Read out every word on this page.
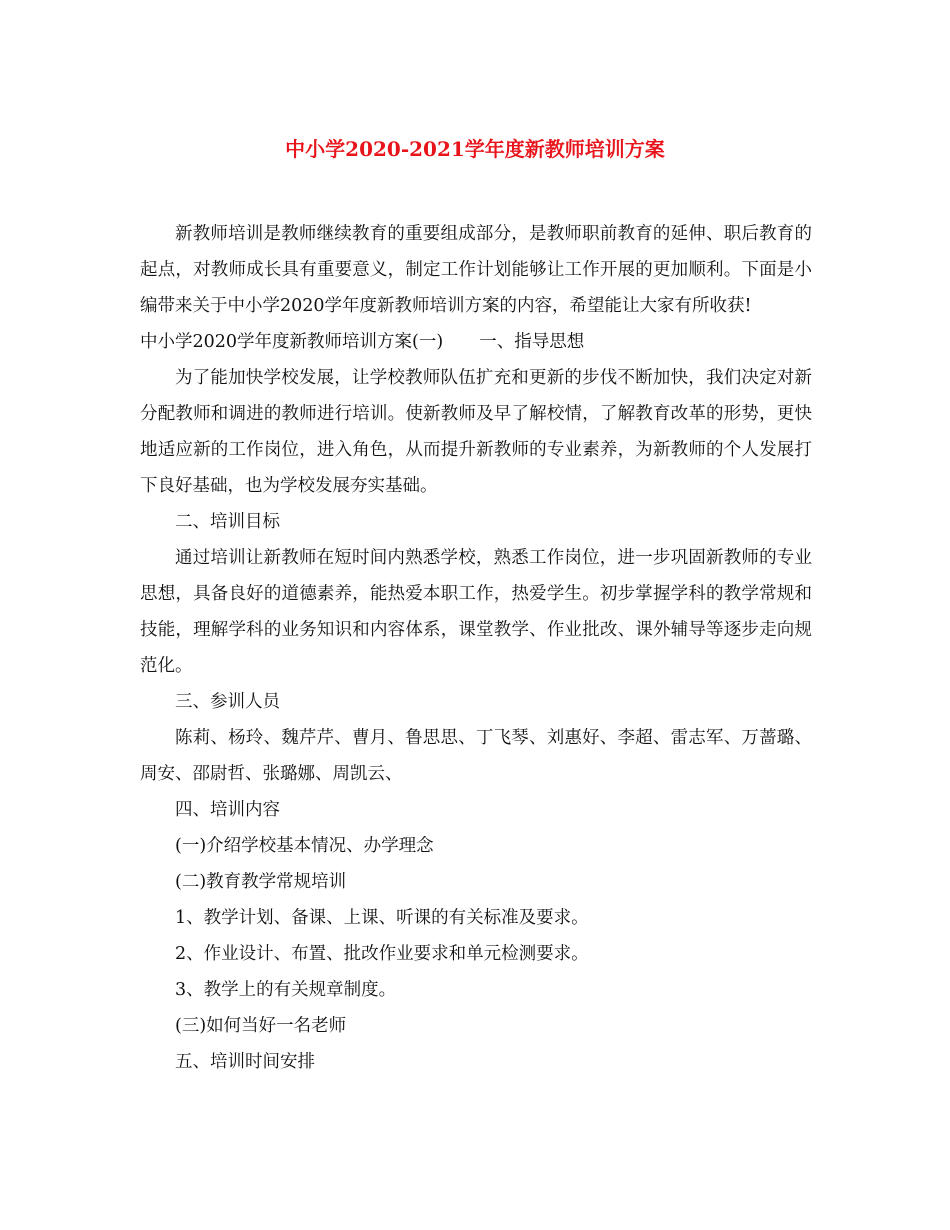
中小学2020-2021学年度新教师培训方案

新教师培训是教师继续教育的重要组成部分，是教师职前教育的延伸、职后教育的起点，对教师成长具有重要意义，制定工作计划能够让工作开展的更加顺利。下面是小编带来关于中小学2020学年度新教师培训方案的内容，希望能让大家有所收获!

中小学2020学年度新教师培训方案(一) 一、指导思想

为了能加快学校发展，让学校教师队伍扩充和更新的步伐不断加快，我们决定对新分配教师和调进的教师进行培训。使新教师及早了解校情，了解教育改革的形势，更快地适应新的工作岗位，进入角色，从而提升新教师的专业素养，为新教师的个人发展打下良好基础，也为学校发展夯实基础。

二、培训目标

通过培训让新教师在短时间内熟悉学校，熟悉工作岗位，进一步巩固新教师的专业思想，具备良好的道德素养，能热爱本职工作，热爱学生。初步掌握学科的教学常规和技能，理解学科的业务知识和内容体系，课堂教学、作业批改、课外辅导等逐步走向规范化。

三、参训人员

陈莉、杨玲、魏芹芹、曹月、鲁思思、丁飞琴、刘惠好、李超、雷志军、万蔷璐、周安、邵尉哲、张璐娜、周凯云、

四、培训内容

(一)介绍学校基本情况、办学理念

(二)教育教学常规培训

1、教学计划、备课、上课、听课的有关标准及要求。

2、作业设计、布置、批改作业要求和单元检测要求。

3、教学上的有关规章制度。

(三)如何当好一名老师

五、培训时间安排
